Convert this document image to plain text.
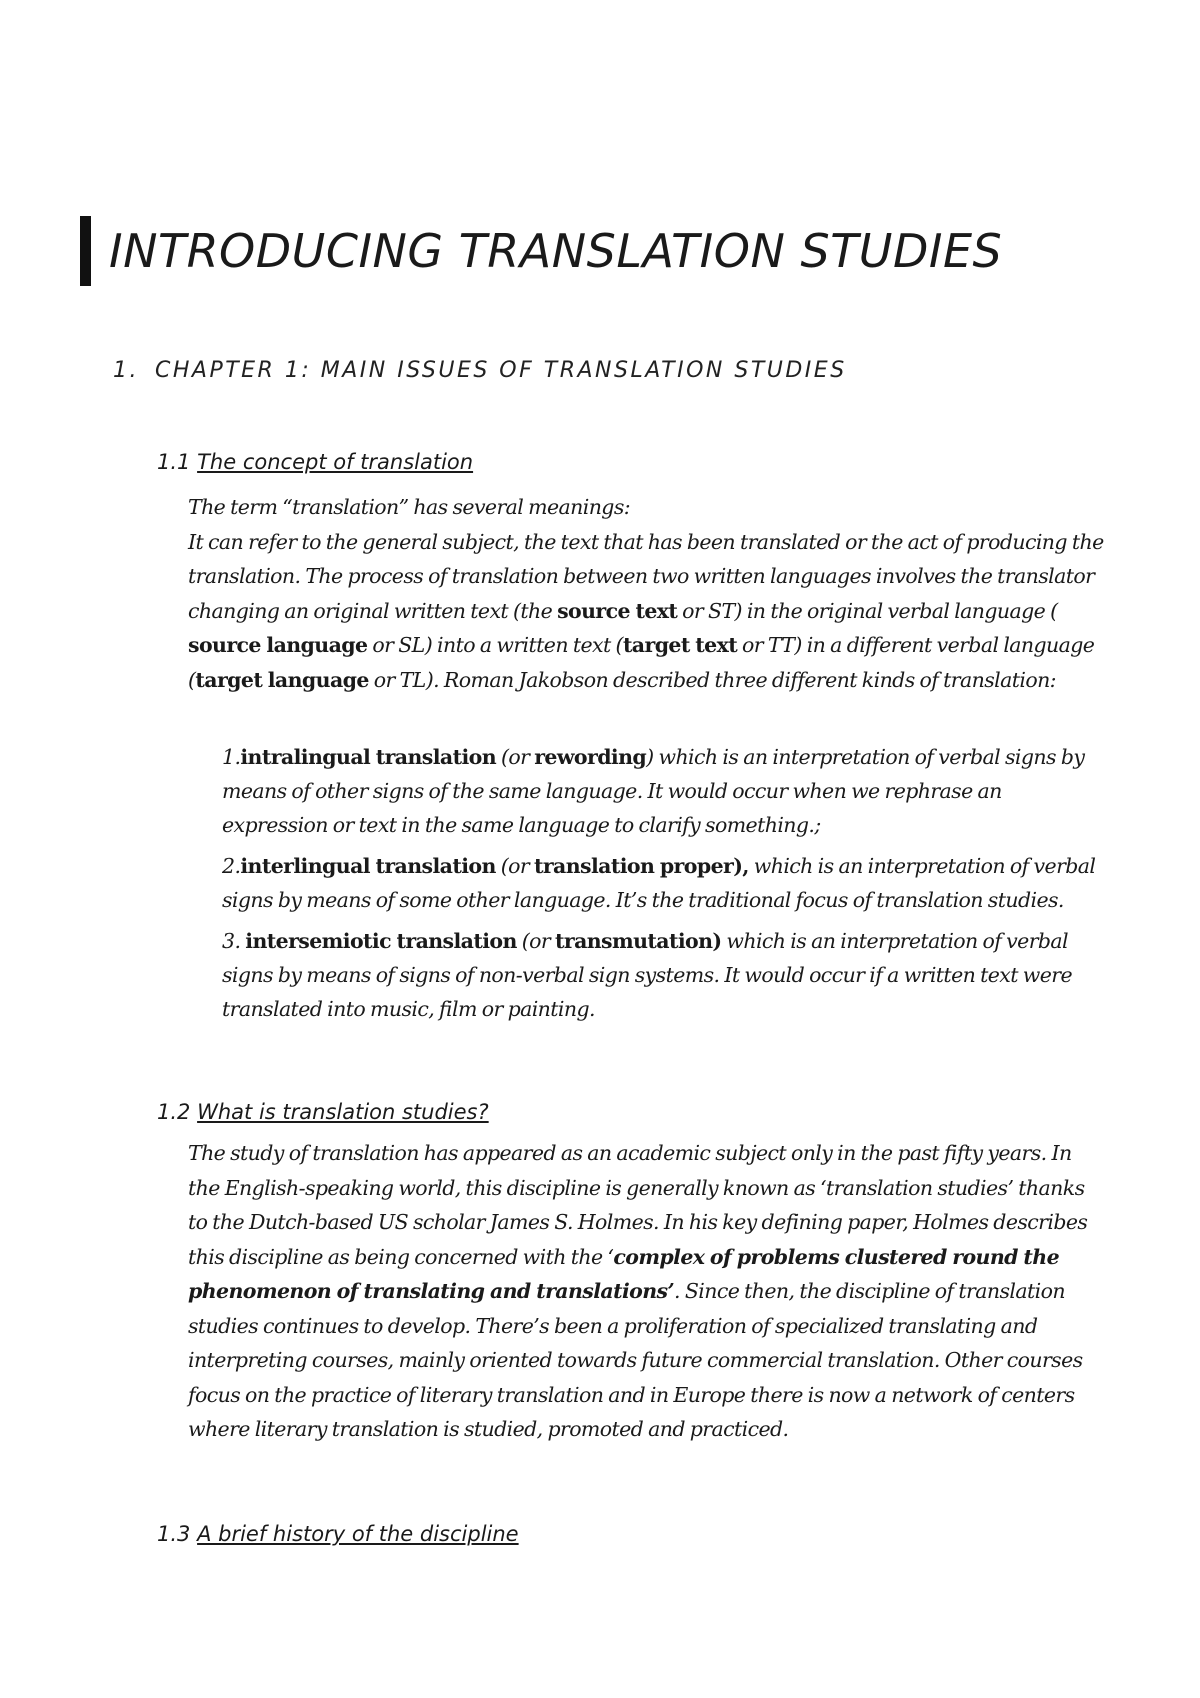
INTRODUCING TRANSLATION STUDIES
1. CHAPTER 1: MAIN ISSUES OF TRANSLATION STUDIES
1.1 The concept of translation

The term “translation” has several meanings:

It can refer to the general subject, the text that has been translated or the act of producing the translation. The process of translation between two written languages involves the translator changing an original written text (the source text or ST) in the original verbal language ( source language or SL) into a written text (target text or TT) in a different verbal language (target language or TL). Roman Jakobson described three different kinds of translation:

1.intralingual translation (or rewording) which is an interpretation of verbal signs by means of other signs of the same language. It would occur when we rephrase an expression or text in the same language to clarify something.;

2.interlingual translation (or translation proper), which is an interpretation of verbal signs by means of some other language. It’s the traditional focus of translation studies.

3. intersemiotic translation (or transmutation) which is an interpretation of verbal signs by means of signs of non-verbal sign systems. It would occur if a written text were translated into music, film or painting.

1.2 What is translation studies?

The study of translation has appeared as an academic subject only in the past fifty years. In the English-speaking world, this discipline is generally known as ‘translation studies’ thanks to the Dutch-based US scholar James S. Holmes. In his key defining paper, Holmes describes this discipline as being concerned with the ‘complex of problems clustered round the phenomenon of translating and translations’. Since then, the discipline of translation studies continues to develop. There’s been a proliferation of specialized translating and interpreting courses, mainly oriented towards future commercial translation. Other courses focus on the practice of literary translation and in Europe there is now a network of centers where literary translation is studied, promoted and practiced.

1.3 A brief history of the discipline
